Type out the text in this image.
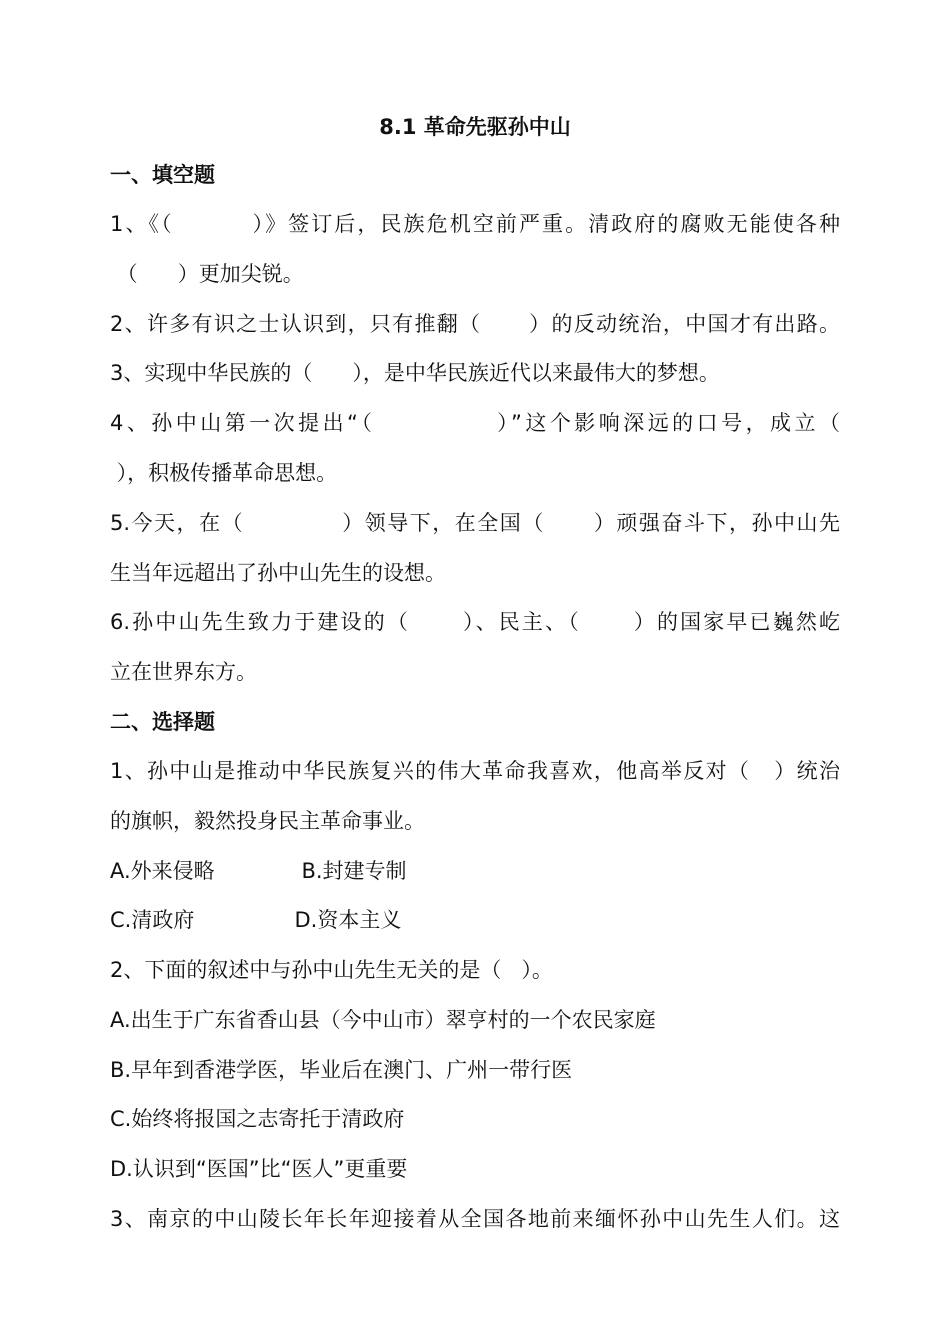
8.1 革命先驱孙中山
一、填空题
1、《（         ）》签订后，民族危机空前严重。清政府的腐败无能使各种
（      ）更加尖锐。
2、许多有识之士认识到，只有推翻（      ）的反动统治，中国才有出路。
3、实现中华民族的（      ），是中华民族近代以来最伟大的梦想。
4、孙中山第一次提出“（            ）”这个影响深远的口号，成立（
），积极传播革命思想。
5.今天，在（            ）领导下，在全国（      ）顽强奋斗下，孙中山先
生当年远超出了孙中山先生的设想。
6.孙中山先生致力于建设的（      ）、民主、（      ）的国家早已巍然屹
立在世界东方。
二、选择题
1、孙中山是推动中华民族复兴的伟大革命我喜欢，他高举反对（   ）统治
的旗帜，毅然投身民主革命事业。
A.外来侵略             B.封建专制
C.清政府               D.资本主义
2、下面的叙述中与孙中山先生无关的是（   ）。
A.出生于广东省香山县（今中山市）翠亨村的一个农民家庭
B.早年到香港学医，毕业后在澳门、广州一带行医
C.始终将报国之志寄托于清政府
D.认识到“医国”比“医人”更重要
3、南京的中山陵长年长年迎接着从全国各地前来缅怀孙中山先生人们。这
